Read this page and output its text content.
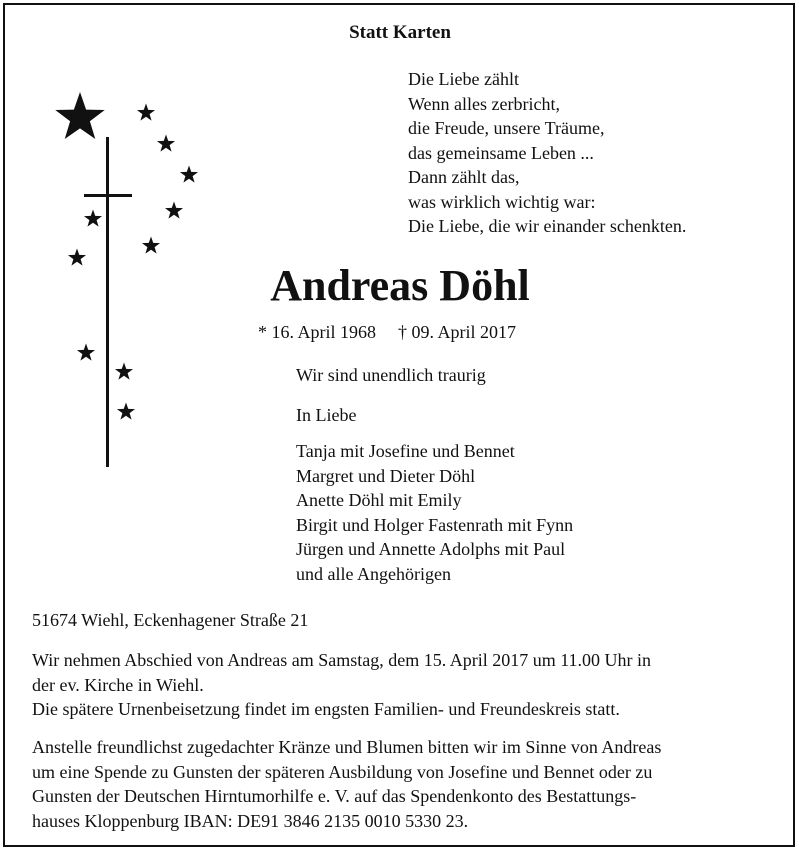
Statt Karten
Die Liebe zählt
Wenn alles zerbricht,
die Freude, unsere Träume,
das gemeinsame Leben ...
Dann zählt das,
was wirklich wichtig war:
Die Liebe, die wir einander schenkten.
Andreas Döhl
* 16. April 1968 † 09. April 2017
Wir sind unendlich traurig
In Liebe
Tanja mit Josefine und Bennet
Margret und Dieter Döhl
Anette Döhl mit Emily
Birgit und Holger Fastenrath mit Fynn
Jürgen und Annette Adolphs mit Paul
und alle Angehörigen
51674 Wiehl, Eckenhagener Straße 21
Wir nehmen Abschied von Andreas am Samstag, dem 15. April 2017 um 11.00 Uhr in
der ev. Kirche in Wiehl.
Die spätere Urnenbeisetzung findet im engsten Familien- und Freundeskreis statt.
Anstelle freundlichst zugedachter Kränze und Blumen bitten wir im Sinne von Andreas
um eine Spende zu Gunsten der späteren Ausbildung von Josefine und Bennet oder zu
Gunsten der Deutschen Hirntumorhilfe e. V. auf das Spendenkonto des Bestattungs-
hauses Kloppenburg IBAN: DE91 3846 2135 0010 5330 23.
